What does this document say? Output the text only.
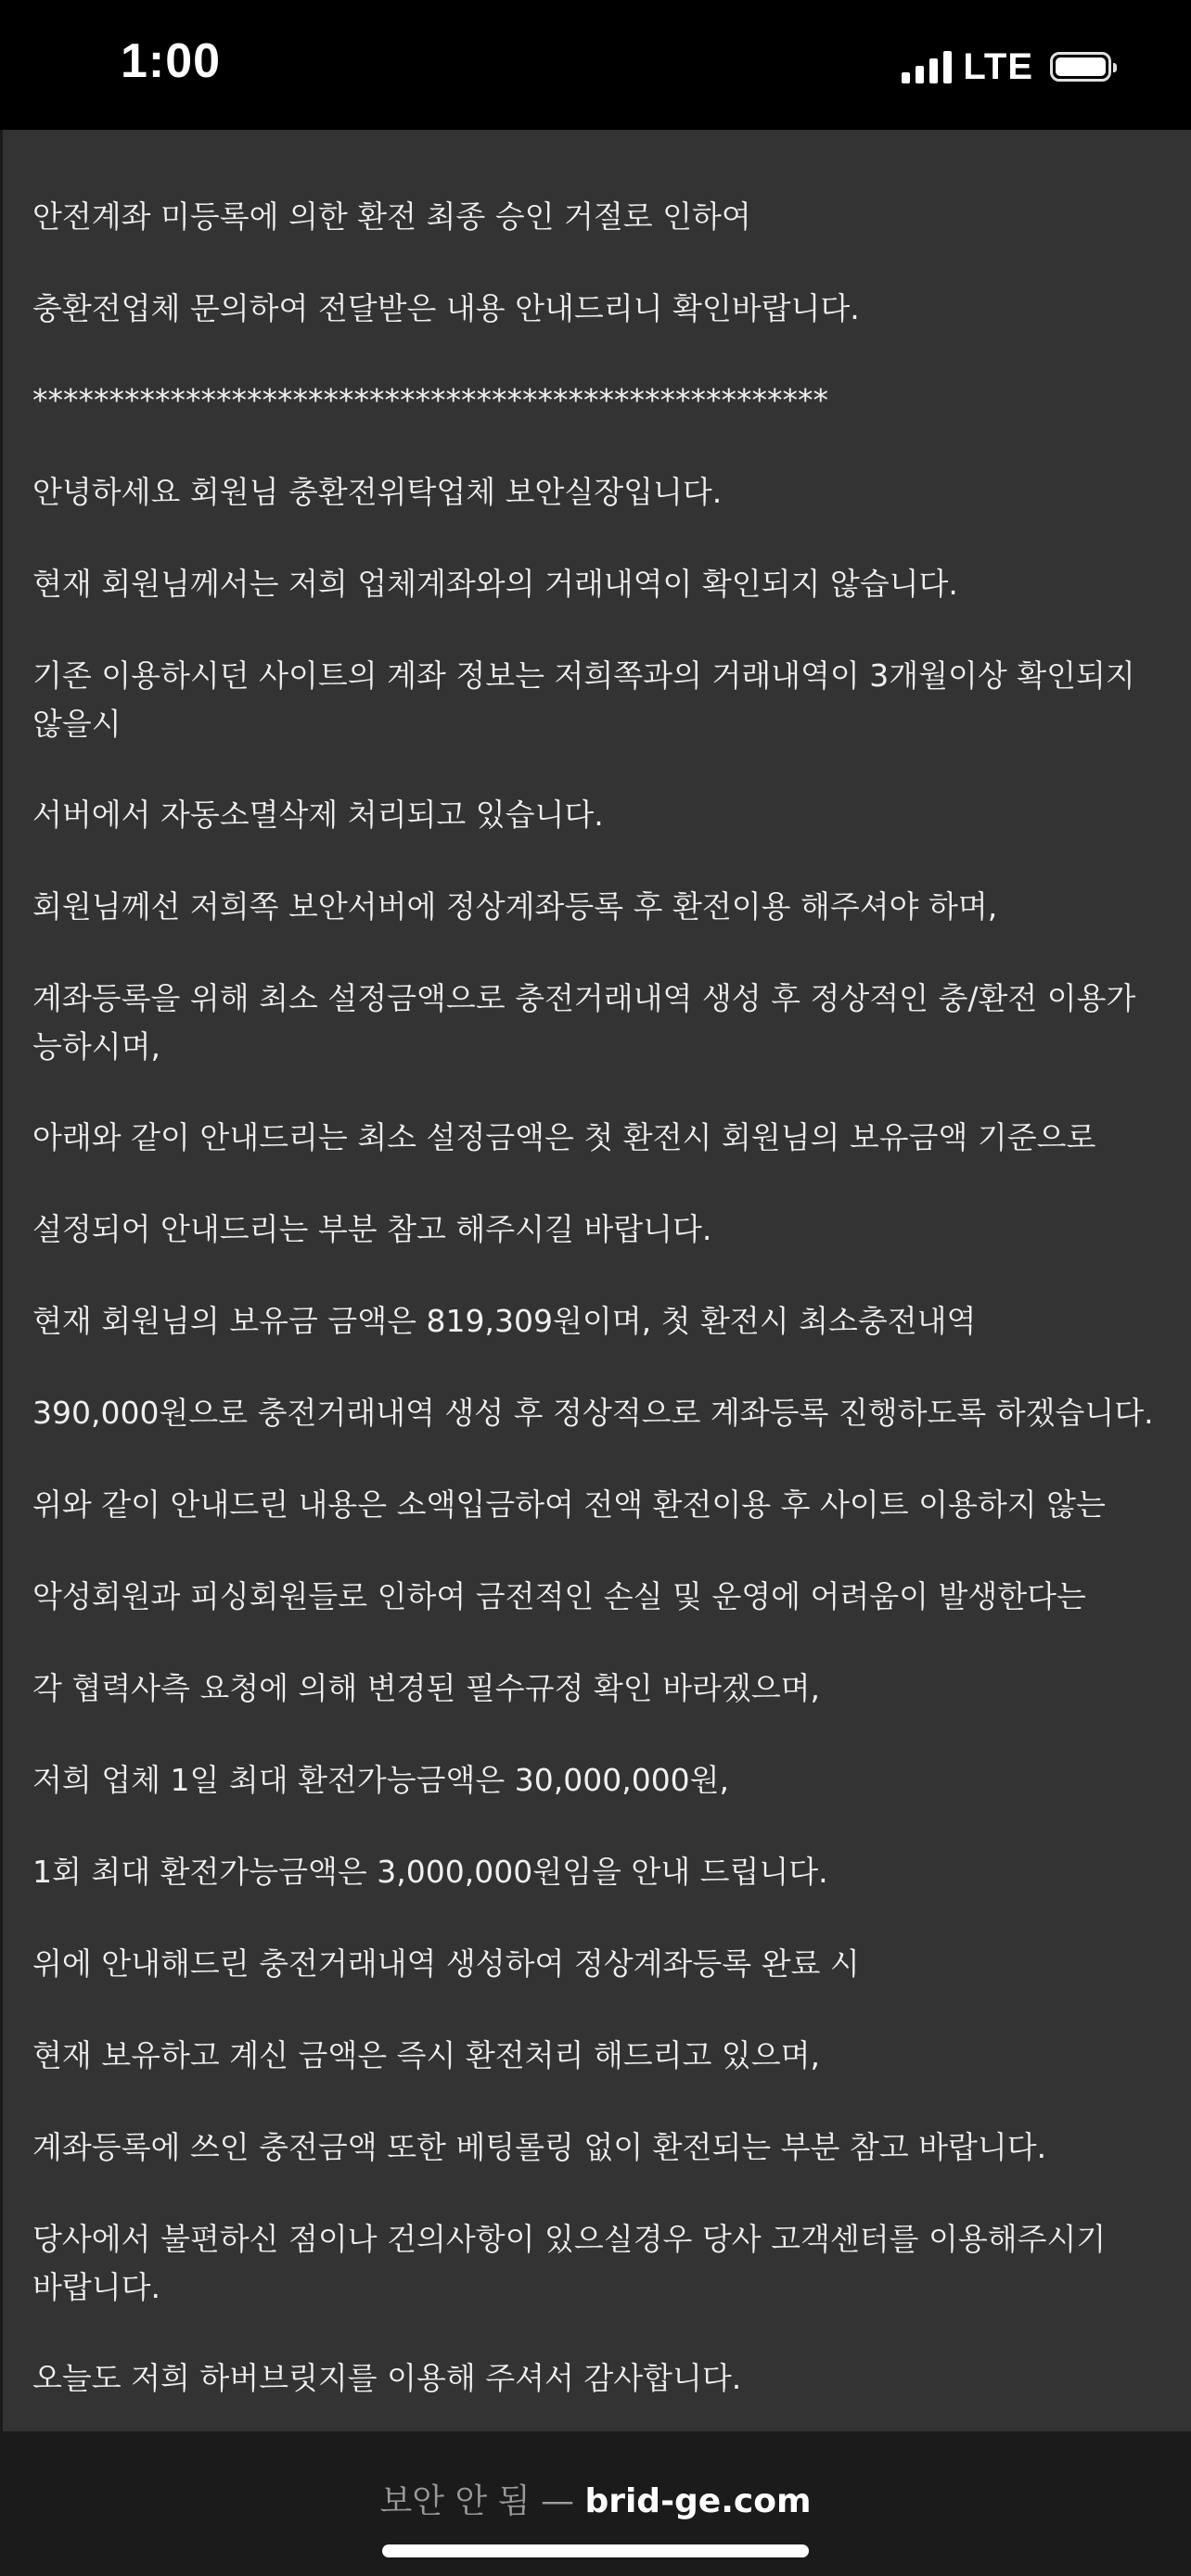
1:00	LTE

안전계좌 미등록에 의한 환전 최종 승인 거절로 인하여

충환전업체 문의하여 전달받은 내용 안내드리니 확인바랍니다.

****************************************************

안녕하세요 회원님 충환전위탁업체 보안실장입니다.

현재 회원님께서는 저희 업체계좌와의 거래내역이 확인되지 않습니다.

기존 이용하시던 사이트의 계좌 정보는 저희쪽과의 거래내역이 3개월이상 확인되지 않을시

서버에서 자동소멸삭제 처리되고 있습니다.

회원님께선 저희쪽 보안서버에 정상계좌등록 후 환전이용 해주셔야 하며,

계좌등록을 위해 최소 설정금액으로 충전거래내역 생성 후 정상적인 충/환전 이용가능하시며,

아래와 같이 안내드리는 최소 설정금액은 첫 환전시 회원님의 보유금액 기준으로

설정되어 안내드리는 부분 참고 해주시길 바랍니다.

현재 회원님의 보유금 금액은 819,309원이며, 첫 환전시 최소충전내역

390,000원으로 충전거래내역 생성 후 정상적으로 계좌등록 진행하도록 하겠습니다.

위와 같이 안내드린 내용은 소액입금하여 전액 환전이용 후 사이트 이용하지 않는

악성회원과 피싱회원들로 인하여 금전적인 손실 및 운영에 어려움이 발생한다는

각 협력사측 요청에 의해 변경된 필수규정 확인 바라겠으며,

저희 업체 1일 최대 환전가능금액은 30,000,000원,

1회 최대 환전가능금액은 3,000,000원임을 안내 드립니다.

위에 안내해드린 충전거래내역 생성하여 정상계좌등록 완료 시

현재 보유하고 계신 금액은 즉시 환전처리 해드리고 있으며,

계좌등록에 쓰인 충전금액 또한 베팅롤링 없이 환전되는 부분 참고 바랍니다.

당사에서 불편하신 점이나 건의사항이 있으실경우 당사 고객센터를 이용해주시기 바랍니다.

오늘도 저희 하버브릿지를 이용해 주셔서 감사합니다.

보안 안 됨 — brid-ge.com
